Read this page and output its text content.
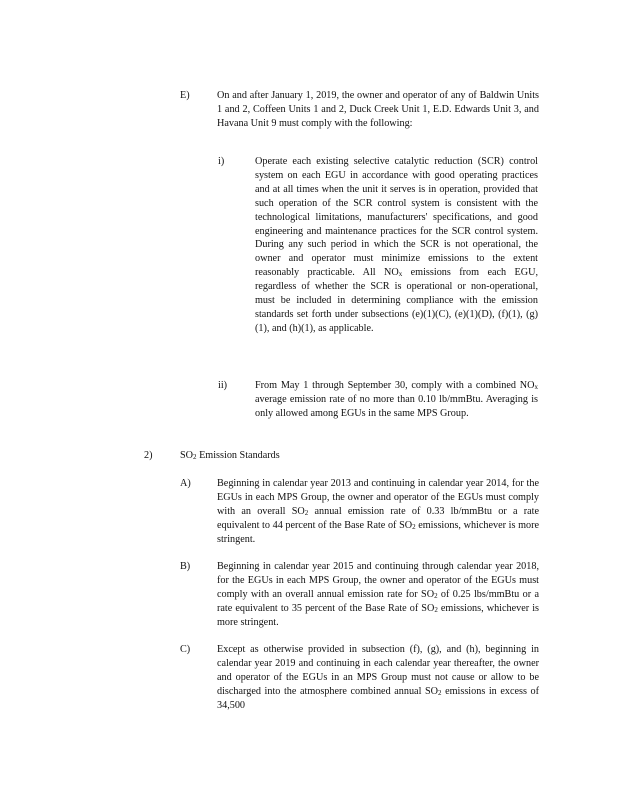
E)	On and after January 1, 2019, the owner and operator of any of Baldwin Units 1 and 2, Coffeen Units 1 and 2, Duck Creek Unit 1, E.D. Edwards Unit 3, and Havana Unit 9 must comply with the following:
i)	Operate each existing selective catalytic reduction (SCR) control system on each EGU in accordance with good operating practices and at all times when the unit it serves is in operation, provided that such operation of the SCR control system is consistent with the technological limitations, manufacturers' specifications, and good engineering and maintenance practices for the SCR control system. During any such period in which the SCR is not operational, the owner and operator must minimize emissions to the extent reasonably practicable. All $NO_x$ emissions from each EGU, regardless of whether the SCR is operational or non-operational, must be included in determining compliance with the emission standards set forth under subsections (e)(1)(C), (e)(1)(D), (f)(1), (g)(1), and (h)(1), as applicable.
ii)	From May 1 through September 30, comply with a combined $NO_x$ average emission rate of no more than 0.10 lb/mmBtu. Averaging is only allowed among EGUs in the same MPS Group.
2)	$SO_2$ Emission Standards
A)	Beginning in calendar year 2013 and continuing in calendar year 2014, for the EGUs in each MPS Group, the owner and operator of the EGUs must comply with an overall $SO_2$ annual emission rate of 0.33 lb/mmBtu or a rate equivalent to 44 percent of the Base Rate of $SO_2$ emissions, whichever is more stringent.
B)	Beginning in calendar year 2015 and continuing through calendar year 2018, for the EGUs in each MPS Group, the owner and operator of the EGUs must comply with an overall annual emission rate for $SO_2$ of 0.25 lbs/mmBtu or a rate equivalent to 35 percent of the Base Rate of $SO_2$ emissions, whichever is more stringent.
C)	Except as otherwise provided in subsection (f), (g), and (h), beginning in calendar year 2019 and continuing in each calendar year thereafter, the owner and operator of the EGUs in an MPS Group must not cause or allow to be discharged into the atmosphere combined annual $SO_2$ emissions in excess of 34,500
